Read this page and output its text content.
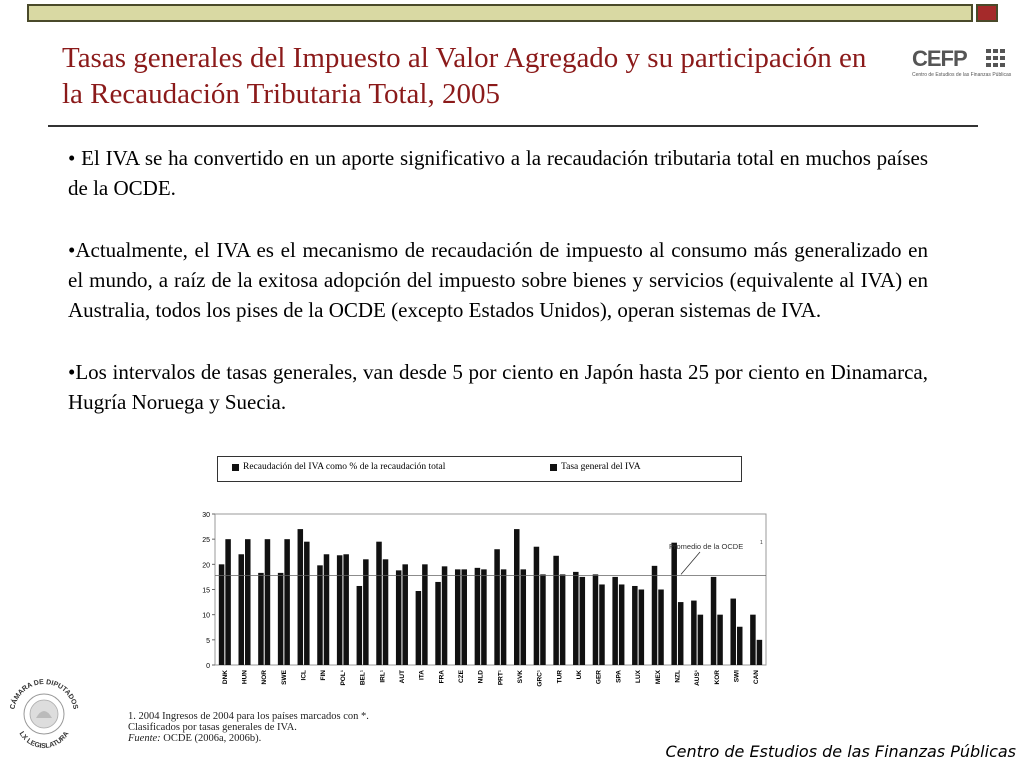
Tasas generales del Impuesto al Valor Agregado y su participación en la Recaudación Tributaria Total, 2005
CEFP
Centro de Estudios de las Finanzas Públicas

• El IVA se ha convertido en un aporte significativo a la recaudación tributaria total en muchos países de la OCDE.

•Actualmente, el IVA es el mecanismo de recaudación de impuesto al consumo más generalizado en el mundo, a raíz de la exitosa adopción del impuesto sobre bienes y servicios (equivalente al IVA) en Australia, todos los pises de la OCDE (excepto Estados Unidos), operan sistemas de IVA.

•Los intervalos de tasas generales, van desde 5 por ciento en Japón hasta 25 por ciento en Dinamarca, Hugría Noruega y Suecia.

Recaudación del IVA como % de la recaudación total	Tasa general del IVA
0
5
10
15
20
25
30
DNK HUN NOR SWE ICL FIN POL¹ BEL¹ IRL¹ AUT ITA FRA CZE NLD PRT¹ SVK GRC¹ TUR UK GER SPA LUX MEX NZL AUS¹ KOR SWI CAN
Promedio de la OCDE	1
1. 2004 Ingresos de 2004 para los países marcados con *.
Clasificados por tasas generales de IVA.
Fuente: OCDE (2006a, 2006b).
CÁMARA DE DIPUTADOS
LX LEGISLATURA
Centro de Estudios de las Finanzas Públicas
